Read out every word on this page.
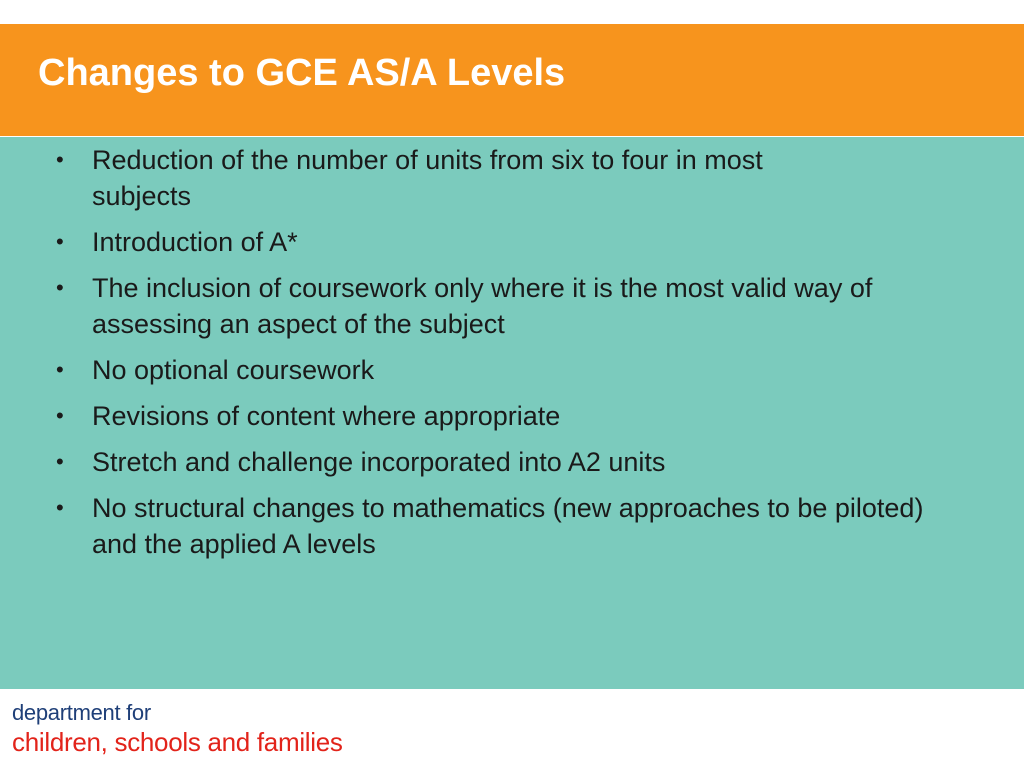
Changes to GCE AS/A Levels
• Reduction of the number of units from six to four in most subjects
• Introduction of A*
• The inclusion of coursework only where it is the most valid way of assessing an aspect of the subject
• No optional coursework
• Revisions of content where appropriate
• Stretch and challenge incorporated into A2 units
• No structural changes to mathematics (new approaches to be piloted) and the applied A levels
department for
children, schools and families
